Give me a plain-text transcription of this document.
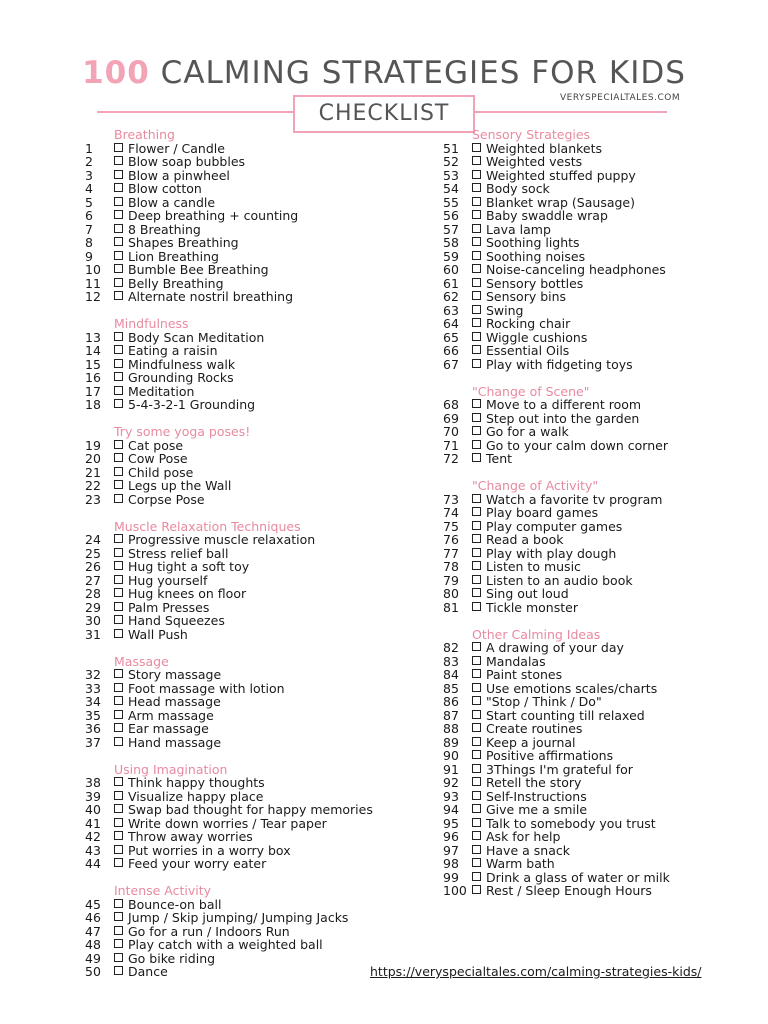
100 CALMING STRATEGIES FOR KIDS
VERYSPECIALTALES.COM
CHECKLIST
Breathing
1	Flower / Candle
2	Blow soap bubbles
3	Blow a pinwheel
4	Blow cotton
5	Blow a candle
6	Deep breathing + counting
7	8 Breathing
8	Shapes Breathing
9	Lion Breathing
10	Bumble Bee Breathing
11	Belly Breathing
12	Alternate nostril breathing
Mindfulness
13	Body Scan Meditation
14	Eating a raisin
15	Mindfulness walk
16	Grounding Rocks
17	Meditation
18	5-4-3-2-1 Grounding
Try some yoga poses!
19	Cat pose
20	Cow Pose
21	Child pose
22	Legs up the Wall
23	Corpse Pose
Muscle Relaxation Techniques
24	Progressive muscle relaxation
25	Stress relief ball
26	Hug tight a soft toy
27	Hug yourself
28	Hug knees on floor
29	Palm Presses
30	Hand Squeezes
31	Wall Push
Massage
32	Story massage
33	Foot massage with lotion
34	Head massage
35	Arm massage
36	Ear massage
37	Hand massage
Using Imagination
38	Think happy thoughts
39	Visualize happy place
40	Swap bad thought for happy memories
41	Write down worries / Tear paper
42	Throw away worries
43	Put worries in a worry box
44	Feed your worry eater
Intense Activity
45	Bounce-on ball
46	Jump / Skip jumping/ Jumping Jacks
47	Go for a run / Indoors Run
48	Play catch with a weighted ball
49	Go bike riding
50	Dance
Sensory Strategies
51	Weighted blankets
52	Weighted vests
53	Weighted stuffed puppy
54	Body sock
55	Blanket wrap (Sausage)
56	Baby swaddle wrap
57	Lava lamp
58	Soothing lights
59	Soothing noises
60	Noise-canceling headphones
61	Sensory bottles
62	Sensory bins
63	Swing
64	Rocking chair
65	Wiggle cushions
66	Essential Oils
67	Play with fidgeting toys
"Change of Scene"
68	Move to a different room
69	Step out into the garden
70	Go for a walk
71	Go to your calm down corner
72	Tent
"Change of Activity"
73	Watch a favorite tv program
74	Play board games
75	Play computer games
76	Read a book
77	Play with play dough
78	Listen to music
79	Listen to an audio book
80	Sing out loud
81	Tickle monster
Other Calming Ideas
82	A drawing of your day
83	Mandalas
84	Paint stones
85	Use emotions scales/charts
86	"Stop / Think / Do"
87	Start counting till relaxed
88	Create routines
89	Keep a journal
90	Positive affirmations
91	3Things I'm grateful for
92	Retell the story
93	Self-Instructions
94	Give me a smile
95	Talk to somebody you trust
96	Ask for help
97	Have a snack
98	Warm bath
99	Drink a glass of water or milk
100	Rest / Sleep Enough Hours
https://veryspecialtales.com/calming-strategies-kids/
